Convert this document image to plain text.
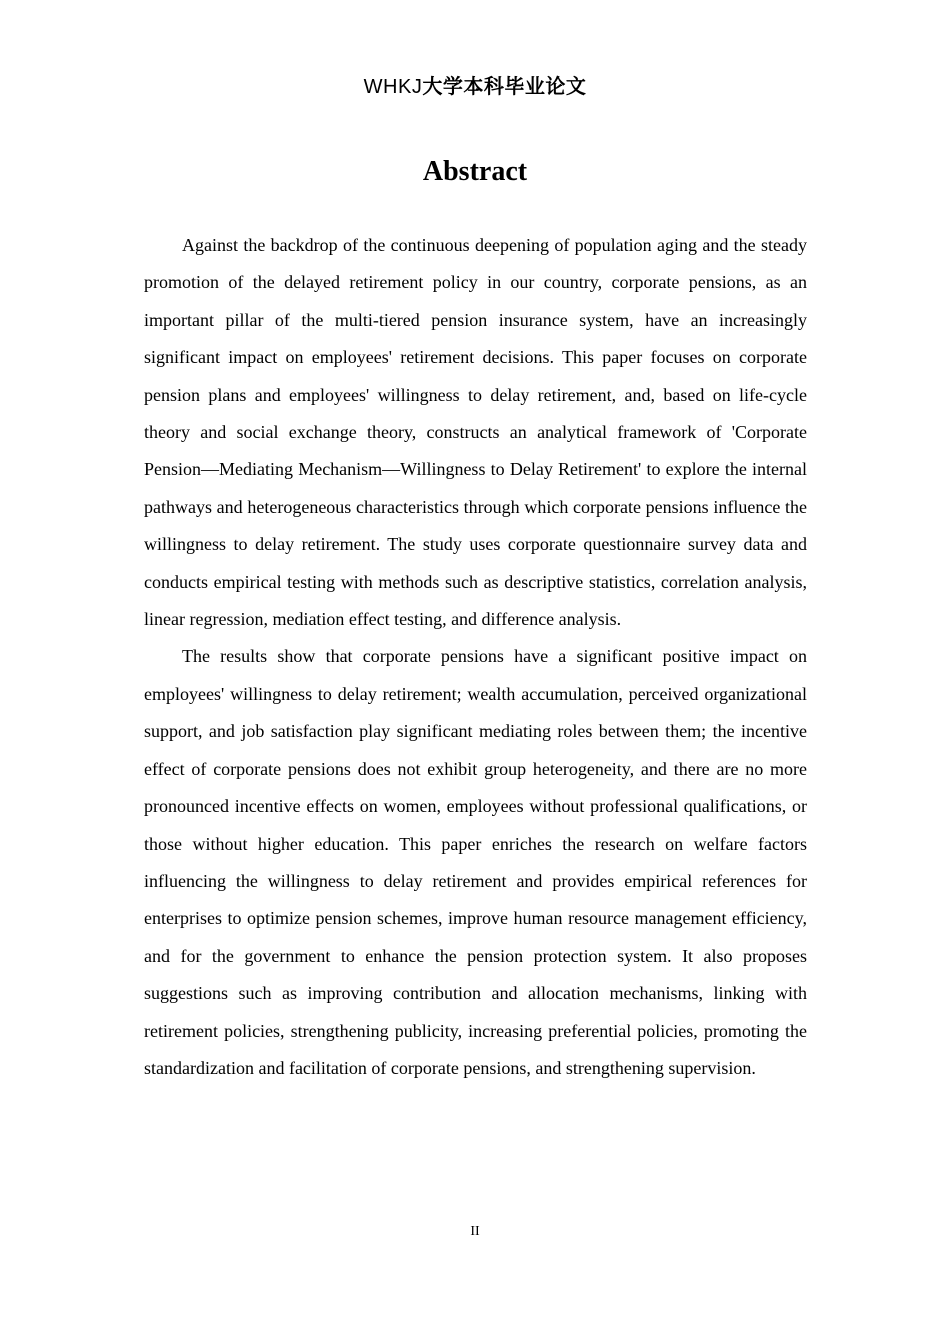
WHKJ大学本科毕业论文
Abstract

Against the backdrop of the continuous deepening of population aging and the steady promotion of the delayed retirement policy in our country, corporate pensions, as an important pillar of the multi-tiered pension insurance system, have an increasingly significant impact on employees' retirement decisions. This paper focuses on corporate pension plans and employees' willingness to delay retirement, and, based on life-cycle theory and social exchange theory, constructs an analytical framework of 'Corporate Pension—Mediating Mechanism—Willingness to Delay Retirement' to explore the internal pathways and heterogeneous characteristics through which corporate pensions influence the willingness to delay retirement. The study uses corporate questionnaire survey data and conducts empirical testing with methods such as descriptive statistics, correlation analysis, linear regression, mediation effect testing, and difference analysis.

The results show that corporate pensions have a significant positive impact on employees' willingness to delay retirement; wealth accumulation, perceived organizational support, and job satisfaction play significant mediating roles between them; the incentive effect of corporate pensions does not exhibit group heterogeneity, and there are no more pronounced incentive effects on women, employees without professional qualifications, or those without higher education. This paper enriches the research on welfare factors influencing the willingness to delay retirement and provides empirical references for enterprises to optimize pension schemes, improve human resource management efficiency, and for the government to enhance the pension protection system. It also proposes suggestions such as improving contribution and allocation mechanisms, linking with retirement policies, strengthening publicity, increasing preferential policies, promoting the standardization and facilitation of corporate pensions, and strengthening supervision.

II
